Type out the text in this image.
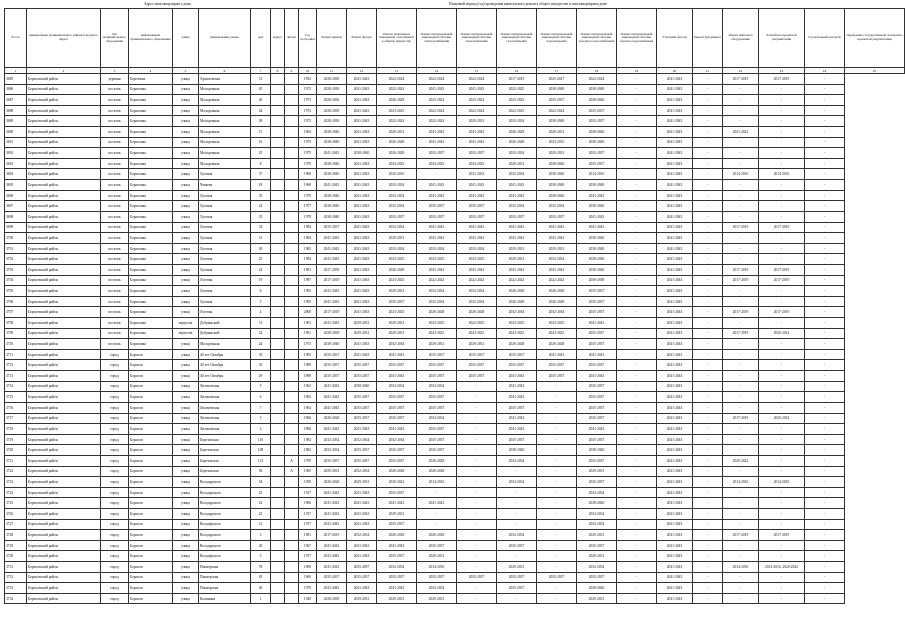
Адрес многоквартирного дома	Плановый период (год) проведения капитального ремонта общего имущества в многоквартирном доме
№ п/п	наименование муниципального района/городского округа	тип муниципального образования	наименование муниципального образования	улица	наименование улицы	дом	корпус	литера	Год постройки	Ремонт крыши	Ремонт фасада	Ремонт подвальных помещений, относящихся к общему имуществу	Ремонт внутридомовой инженерной системы электроснабжения	Ремонт внутридомовой инженерной системы теплоснабжения	Ремонт внутридомовой инженерной системы газоснабжения	Ремонт внутридомовой инженерной системы водоотведения	Ремонт внутридомовой инженерной системы холодного водоснабжения	Ремонт внутридомовой инженерной системы горячего водоснабжения	Утепление фасада	Ремонт фундамента	Замена лифтового оборудования	Разработка проектной документации	Строительный контроль	Проведение государственной экспертизы проектной документации
1	2	3	4	5	6	7	8	9	10	11	12	13	14	15	16	17	18	19	20	21	22	23	24	25
3685	Борисовский район	деревня	Березовка	улица	Архиповская	31			1952	2028-2030	2041-2043	2022-2024	2022-2024	2022-2024	2017-2019	2025-2027	2022-2024	-	2041-2043	-	2017-2019	2017-2019	-	
3686	Борисовский район	поселок	Борисовка	улица	Молодежная	45			1972	2028-2030	2041-2043	2022-2024	2041-2043	2041-2043	2022-2025	2038-2040	2038-2040	-	2041-2043	-	-	-	-	
3687	Борисовский район	поселок	Борисовка	улица	Молодежная	46			1973	2028-2030	2041-2043	2026-2028	2022-2024	2022-2024	2022-2025	2035-2037	2038-2040	-	2041-2043	-	-	-	-	
3688	Борисовский район	поселок	Борисовка	улица	Молодежная	44			1972	2028-2030	2041-2043	2023-2025	2022-2024	2022-2024	2022-2025	2022-2024	2035-2037	-	2041-2043	-	-	-	-	
3689	Борисовский район	поселок	Борисовка	улица	Молодежная	38			1972	2028-2030	2041-2043	2022-2024	2022-2024	2029-2031	2032-2034	2038-2040	2035-2037	-	2041-2043	-	-	-	-	
3690	Борисовский район	поселок	Борисовка	улица	Молодежная	15			1964	2038-2040	2041-2043	2029-2031	2041-2043	2041-2043	2026-2028	2029-2031	2038-2040	-	2041-2043	-	2021-2022	-	-	
3691	Борисовский район	поселок	Борисовка	улица	Молодежная	16			1975	2038-2040	2041-2043	2026-2028	2041-2043	2041-2043	2026-2028	2023-2025	2038-2040	-	2041-2043	-	-	-	-	
3692	Борисовский район	поселок	Борисовка	улица	Молодежная	25			1975	2041-2043	2038-2040	2026-2028	2035-2037	2035-2037	2032-2034	2029-2031	2035-2037	-	2041-2043	-	-	-	-	
3693	Борисовский район	поселок	Борисовка	улица	Молодежная	8			1970	2038-2040	2041-2043	2023-2025	2023-2025	2023-2025	2029-2031	2038-2040	2035-2037	-	2041-2043	-	-	-	-	
3694	Борисовский район	поселок	Борисовка	улица	Луговая	37			1968	2038-2040	2041-2043	2020-2016	-	2031-2033	2032-2034	2038-2040	2014-2016	-	2041-2043	-	2014-2016	2014-2016	-	
3695	Борисовский район	поселок	Борисовка	улица	Чапаева	18			1968	2041-2043	2041-2043	2032-2034	2041-2043	2041-2043	2041-2043	2038-2040	2038-2040	-	2041-2043	-	-	-	-	
3696	Борисовский район	поселок	Борисовка	улица	Луговая	35			1970	2038-2040	2041-2043	2032-2034	2041-2043	2041-2043	2041-2043	2038-2040	2041-2043	-	2041-2043	-	-	-	-	
3697	Борисовский район	поселок	Борисовка	улица	Луговая	24			1977	2038-2040	2041-2043	2032-2034	2035-2037	2035-2037	2032-2034	2032-2034	2038-2040	-	2041-2043	-	-	-	-	
3698	Борисовский район	поселок	Борисовка	улица	Луговая	33			1978	2038-2040	2041-2043	2035-2037	2035-2037	2035-2037	2035-2037	2035-2037	2041-2043	-	2041-2043	-	-	-	-	
3699	Борисовский район	поселок	Борисовка	улица	Луговая	32			1984	2035-2037	2041-2043	2032-2034	2041-2043	2041-2043	2041-2043	2041-2043	2041-2043	-	2041-2043	-	2017-2019	2017-2019	-	
3700	Борисовский район	поселок	Борисовка	улица	Луговая	31			1984	2041-2043	2041-2043	2029-2031	2041-2043	2041-2043	2041-2043	2041-2043	2038-2040	-	2041-2043	-	-	-	-	
3701	Борисовский район	поселок	Борисовка	улица	Луговая	30			1982	2041-2043	2041-2043	2032-2034	2032-2034	2032-2034	2029-2031	2029-2031	2038-2040	-	2041-2043	-	-	-	-	
3702	Борисовский район	поселок	Борисовка	улица	Луговая	25			1984	2041-2043	2041-2043	2023-2025	2023-2025	2023-2025	2029-2031	2032-2034	2038-2040	-	2041-2043	-	-	-	-	
3703	Борисовский район	поселок	Борисовка	улица	Луговая	24			1981	2037-2039	2041-2043	2026-2028	2041-2043	2041-2043	2041-2043	2041-2043	2038-2040	-	2041-2043	-	2017-2019	2017-2019	-	
3704	Борисовский район	поселок	Борисовка	улица	Луговая	19			1987	2017-2019	2041-2043	2023-2025	2022-2024	2022-2024	2022-2024	2022-2024	2036-2038	-	2041-2043	-	2017-2019	2017-2019	-	
3705	Борисовский район	поселок	Борисовка	улица	Луговая	6			1993	2041-2043	2041-2043	2029-2031	2032-2034	2032-2034	2026-2028	2026-2028	2035-2037	-	2041-2043	-	-	-	-	
3706	Борисовский район	поселок	Борисовка	улица	Луговая	5			1995	2041-2043	2041-2043	2035-2037	2032-2034	2032-2034	2026-2028	2026-2028	2035-2037	-	2041-2043	-	-	-	-	
3707	Борисовский район	поселок	Борисовка	улица	Луговая	4			2000	2017-2019	2041-2043	2023-2025	2026-2028	2026-2028	2032-2034	2032-2034	2035-2037	-	2041-2043	-	2017-2019	2017-2019	-	
3708	Борисовский район	поселок	Борисовка	переулок	Добрынский	31			1961	2041-2043	2029-2031	2029-2031	2023-2025	2022-2025	2023-2025	2023-2025	2041-2043	-	2041-2043	-	-	-	-	
3709	Борисовский район	поселок	Борисовка	переулок	Добрынский	32			1961	2028-2030	2029-2031	2029-2031	2023-2025	2023-2025	2023-2025	2023-2025	2035-2037	-	2041-2043	-	2017-2019	2020-2022	-	
3710	Борисовский район	поселок	Борисовка	улица	Молодежная	24			1973	2038-2040	2041-2043	2032-2034	2029-2031	2029-2031	2026-2028	2026-2028	2035-2037	-	2041-2043	-	-	-	-	
3711	Борисовский район	город	Борисов	улица	40 лет Октября	33			1983	2035-2037	2041-2043	2041-2043	2035-2037	2035-2037	2035-2037	2041-2043	2041-2043	-	2041-2043	-	-	-	-	
3712	Борисовский район	город	Борисов	улица	40 лет Октября	35			1989	2035-2037	2035-2037	2035-2037	2035-2037	2035-2037	2035-2037	2035-2037	2035-2037	-	2041-2043	-	-	-	-	
3713	Борисовский район	город	Борисов	улица	40 лет Октября	29			1989	2035-2037	2035-2037	2041-2043	2035-2037	2035-2037	2041-2043	2035-2037	2041-2043	-	2041-2043	-	-	-	-	
3714	Борисовский район	город	Борисов	улица	Лихачевская	5			1962	2041-2043	2038-2040	2032-2034	2032-2034	-	2041-2043	-	2035-2037	-	2041-2043	-	-	-	-	
3715	Борисовский район	город	Борисов	улица	Лихачевская	6			1963	2041-2043	2035-2037	2035-2037	2035-2037	-	2041-2043	-	2035-2037	-	2041-2043	-	-	-	-	
3716	Борисовский район	город	Борисов	улица	Лихачевская	7			1964	2041-2043	2035-2037	2035-2037	2035-2037	-	2035-2037	-	2035-2037	-	2041-2043	-	-	-	-	
3717	Борисовский район	город	Борисов	улица	Лихачевская	3			1966	2026-2028	2035-2037	2035-2037	2032-2034	-	2041-2043	-	2035-2037	-	2041-2043	-	2017-2019	2020-2022	-	
3718	Борисовский район	город	Борисов	улица	Лихачевская	2			1966	2041-2043	2041-2043	2041-2043	2035-2037	-	2041-2043	-	2041-2043	-	2041-2043	-	-	-	-	
3719	Борисовский район	город	Борисов	улица	Березовская	116			1982	2032-2034	2032-2034	2032-2034	2035-2037	-	2035-2037	-	2035-2037	-	2041-2043	-	-	-	-	
3720	Борисовский район	город	Борисов	улица	Березовская	108			1982	2032-2034	2035-2037	2035-2037	2035-2037	-	2038-2040	-	2038-2040	-	2041-2043	-	-	-	-	
3721	Борисовский район	город	Борисов	улица	Березовская	114		А	1970	2035-2037	2035-2037	2035-2037	2026-2028	-	2032-2034	-	2035-2037	-	2041-2043	-	2020-2022	-	-	
3722	Борисовский район	город	Борисов	улица	Березовская	92		А	1965	2029-2031	2032-2034	2026-2028	2026-2028	-	-	-	2029-2031	-	2041-2043	-	-	-	-	
3723	Борисовский район	город	Борисов	улица	Володарского	34			1958	2026-2028	2029-2031	2020-2022	2014-2016	-	2032-2034	-	2035-2037	-	2041-2043	-	2014-2016	2014-2016	-	
3724	Борисовский район	город	Борисов	улица	Володарского	23			1917	2041-2043	2041-2043	2035-2037	-	-	-	-	2032-2034	-	2041-2043	-	-	-	-	
3725	Борисовский район	город	Борисов	улица	Володарского	24			1966	2041-2043	2041-2043	2041-2043	2041-2043	-	-	-	2038-2040	-	2041-2043	-	-	-	-	
3726	Борисовский район	город	Борисов	улица	Володарского	22			1917	2041-2043	2041-2043	2029-2031	-	-	-	-	2032-2034	-	2041-2043	-	-	-	-	
3727	Борисовский район	город	Борисов	улица	Володарского	12			1917	2041-2043	2041-2043	2035-2037	-	-	-	-	2032-2034	-	2041-2043	-	-	-	-	
3728	Борисовский район	город	Борисов	улица	Володарского	3			1981	2017-2019	2032-2034	2026-2028	2026-2028	-	2032-2034	-	2029-2031	-	2041-2043	-	2017-2019	2017-2019	-	
3729	Борисовский район	город	Борисов	улица	Володарского	29			1967	2041-2043	2041-2043	2041-2043	2035-2037	-	2035-2037	-	2035-2037	-	2041-2043	-	-	-	-	
3730	Борисовский район	город	Борисов	улица	Володарского	5			1917	2041-2043	2041-2043	2035-2037	2029-2031	-	-	-	2029-2031	-	2041-2043	-	-	-	-	
3731	Борисовский район	город	Борисов	улица	Пионерская	78			1969	2041-2043	2035-2037	2032-2034	2014-2016	-	2029-2031	-	2032-2034	-	2041-2043	-	2014-2016	2014-2016, 2020-2022	-	
3732	Борисовский район	город	Борисов	улица	Пионерская	83			1969	2035-2037	2035-2037	2035-2037	2035-2037	2035-2037	2035-2037	2035-2037	2035-2037	-	2041-2043	-	-	-	-	
3733	Борисовский район	город	Борисов	улица	Пионерская	36			1970	2041-2043	2041-2043	2041-2043	2032-2034	-	2035-2037	-	2038-2040	-	2041-2043	-	-	-	-	
3734	Борисовский район	город	Борисов	улица	Калинина	1			1949	2028-2030	2029-2031	2029-2031	2029-2031	-	-	-	2029-2031	-	2041-2043	-	-	-	-	
